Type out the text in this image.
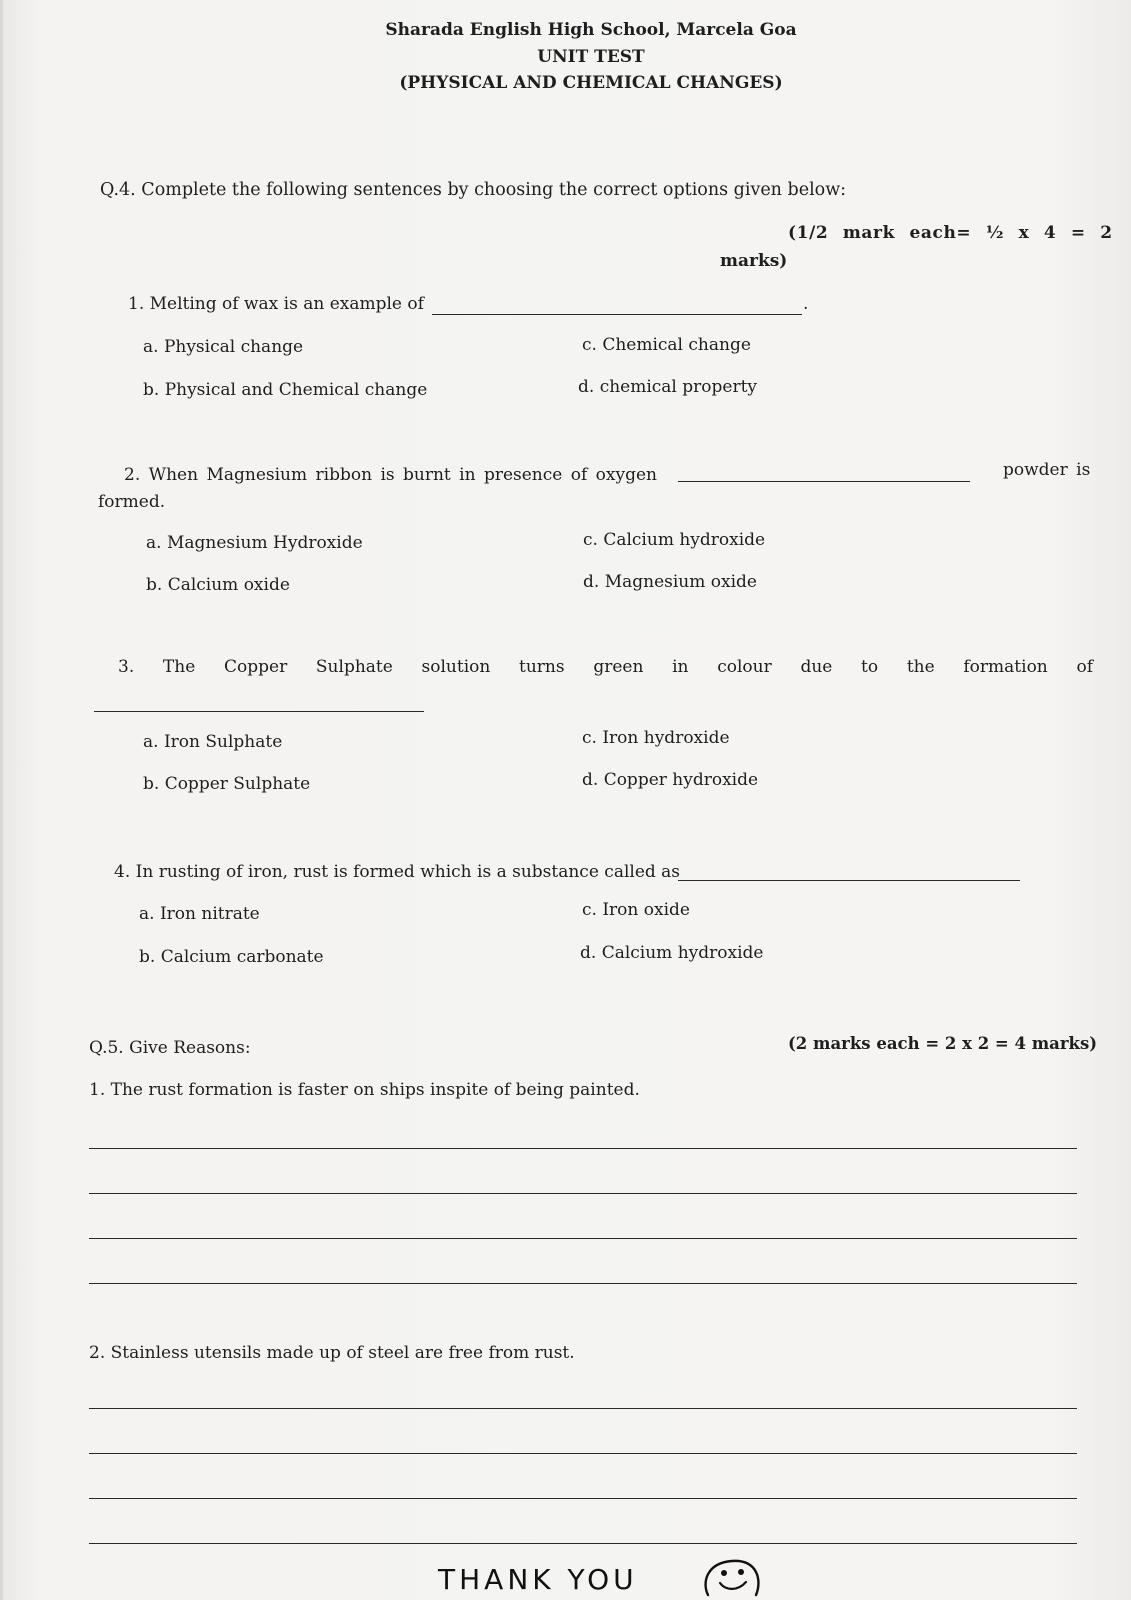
Sharada English High School, Marcela Goa
UNIT TEST
(PHYSICAL AND CHEMICAL CHANGES)
Q.4. Complete the following sentences by choosing the correct options given below:
(1/2 mark each= ½ x 4 = 2
marks)
1. Melting of wax is an example of	.
a. Physical change	c. Chemical change
b. Physical and Chemical change	d. chemical property
2. When Magnesium ribbon is burnt in presence of oxygen	powder is
formed.
a. Magnesium Hydroxide	c. Calcium hydroxide
b. Calcium oxide	d. Magnesium oxide
3. The Copper Sulphate solution turns green in colour due to the formation of
a. Iron Sulphate	c. Iron hydroxide
b. Copper Sulphate	d. Copper hydroxide
4. In rusting of iron, rust is formed which is a substance called as
a. Iron nitrate	c. Iron oxide
b. Calcium carbonate	d. Calcium hydroxide
Q.5. Give Reasons:	(2 marks each = 2 x 2 = 4 marks)
1. The rust formation is faster on ships inspite of being painted.
2. Stainless utensils made up of steel are free from rust.
THANK YOU
